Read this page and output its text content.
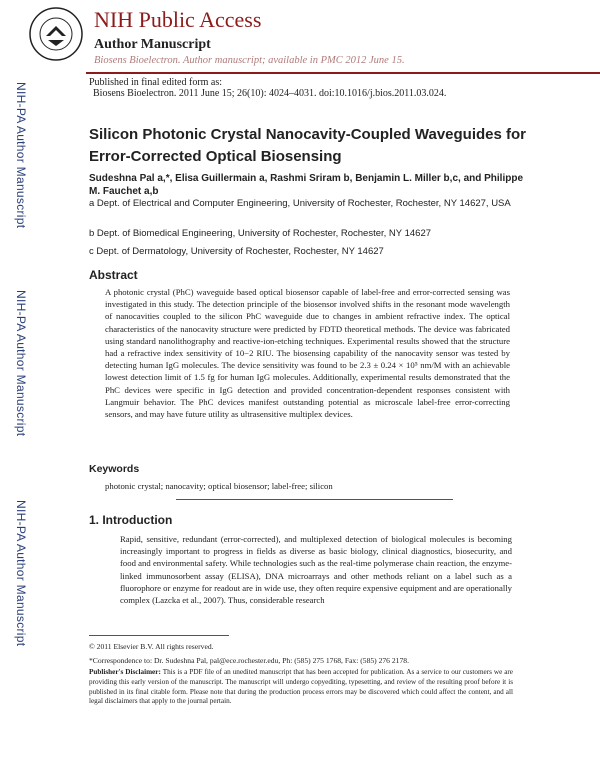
NIH Public Access
Author Manuscript
Biosens Bioelectron. Author manuscript; available in PMC 2012 June 15.
Published in final edited form as:
Biosens Bioelectron. 2011 June 15; 26(10): 4024–4031. doi:10.1016/j.bios.2011.03.024.
NIH-PA Author Manuscript
NIH-PA Author Manuscript
NIH-PA Author Manuscript
Silicon Photonic Crystal Nanocavity-Coupled Waveguides for Error-Corrected Optical Biosensing
Sudeshna Pal a,*, Elisa Guillermain a, Rashmi Sriram b, Benjamin L. Miller b,c, and Philippe M. Fauchet a,b
a Dept. of Electrical and Computer Engineering, University of Rochester, Rochester, NY 14627, USA
b Dept. of Biomedical Engineering, University of Rochester, Rochester, NY 14627
c Dept. of Dermatology, University of Rochester, Rochester, NY 14627
Abstract
A photonic crystal (PhC) waveguide based optical biosensor capable of label-free and error-corrected sensing was investigated in this study. The detection principle of the biosensor involved shifts in the resonant mode wavelength of nanocavities coupled to the silicon PhC waveguide due to changes in ambient refractive index. The optical characteristics of the nanocavity structure were predicted by FDTD theoretical methods. The device was fabricated using standard nanolithography and reactive-ion-etching techniques. Experimental results showed that the structure had a refractive index sensitivity of 10−2 RIU. The biosensing capability of the nanocavity sensor was tested by detecting human IgG molecules. The device sensitivity was found to be 2.3 ± 0.24 × 10⁵ nm/M with an achievable lowest detection limit of 1.5 fg for human IgG molecules. Additionally, experimental results demonstrated that the PhC devices were specific in IgG detection and provided concentration-dependent responses consistent with Langmuir behavior. The PhC devices manifest outstanding potential as microscale label-free error-correcting sensors, and may have future utility as ultrasensitive multiplex devices.
Keywords
photonic crystal; nanocavity; optical biosensor; label-free; silicon
1. Introduction
Rapid, sensitive, redundant (error-corrected), and multiplexed detection of biological molecules is becoming increasingly important to progress in fields as diverse as basic biology, clinical diagnostics, biosecurity, and food and environmental safety. While technologies such as the real-time polymerase chain reaction, the enzyme-linked immunosorbent assay (ELISA), DNA microarrays and other methods reliant on a label such as a fluorophore or enzyme for readout are in wide use, they often require expensive equipment and are operationally complex (Lazcka et al., 2007). Thus, considerable research
© 2011 Elsevier B.V. All rights reserved.
*Correspondence to: Dr. Sudeshna Pal, pal@ece.rochester.edu, Ph: (585) 275 1768, Fax: (585) 276 2178.
Publisher's Disclaimer: This is a PDF file of an unedited manuscript that has been accepted for publication. As a service to our customers we are providing this early version of the manuscript. The manuscript will undergo copyediting, typesetting, and review of the resulting proof before it is published in its final citable form. Please note that during the production process errors may be discovered which could affect the content, and all legal disclaimers that apply to the journal pertain.
